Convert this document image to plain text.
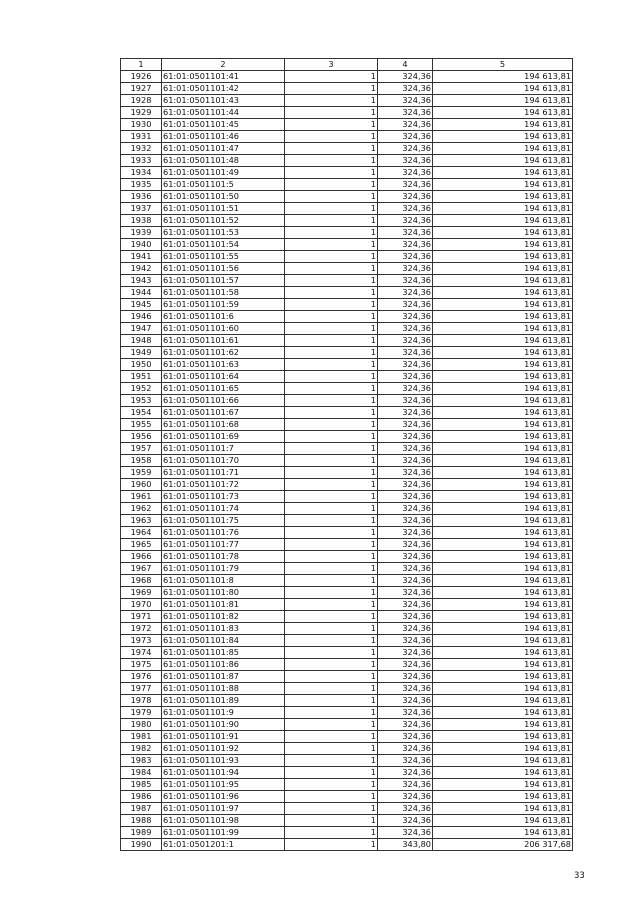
1	2	3	4	5
1926	61:01:0501101:41	1	324,36	194 613,81
1927	61:01:0501101:42	1	324,36	194 613,81
1928	61:01:0501101:43	1	324,36	194 613,81
1929	61:01:0501101:44	1	324,36	194 613,81
1930	61:01:0501101:45	1	324,36	194 613,81
1931	61:01:0501101:46	1	324,36	194 613,81
1932	61:01:0501101:47	1	324,36	194 613,81
1933	61:01:0501101:48	1	324,36	194 613,81
1934	61:01:0501101:49	1	324,36	194 613,81
1935	61:01:0501101:5	1	324,36	194 613,81
1936	61:01:0501101:50	1	324,36	194 613,81
1937	61:01:0501101:51	1	324,36	194 613,81
1938	61:01:0501101:52	1	324,36	194 613,81
1939	61:01:0501101:53	1	324,36	194 613,81
1940	61:01:0501101:54	1	324,36	194 613,81
1941	61:01:0501101:55	1	324,36	194 613,81
1942	61:01:0501101:56	1	324,36	194 613,81
1943	61:01:0501101:57	1	324,36	194 613,81
1944	61:01:0501101:58	1	324,36	194 613,81
1945	61:01:0501101:59	1	324,36	194 613,81
1946	61:01:0501101:6	1	324,36	194 613,81
1947	61:01:0501101:60	1	324,36	194 613,81
1948	61:01:0501101:61	1	324,36	194 613,81
1949	61:01:0501101:62	1	324,36	194 613,81
1950	61:01:0501101:63	1	324,36	194 613,81
1951	61:01:0501101:64	1	324,36	194 613,81
1952	61:01:0501101:65	1	324,36	194 613,81
1953	61:01:0501101:66	1	324,36	194 613,81
1954	61:01:0501101:67	1	324,36	194 613,81
1955	61:01:0501101:68	1	324,36	194 613,81
1956	61:01:0501101:69	1	324,36	194 613,81
1957	61:01:0501101:7	1	324,36	194 613,81
1958	61:01:0501101:70	1	324,36	194 613,81
1959	61:01:0501101:71	1	324,36	194 613,81
1960	61:01:0501101:72	1	324,36	194 613,81
1961	61:01:0501101:73	1	324,36	194 613,81
1962	61:01:0501101:74	1	324,36	194 613,81
1963	61:01:0501101:75	1	324,36	194 613,81
1964	61:01:0501101:76	1	324,36	194 613,81
1965	61:01:0501101:77	1	324,36	194 613,81
1966	61:01:0501101:78	1	324,36	194 613,81
1967	61:01:0501101:79	1	324,36	194 613,81
1968	61:01:0501101:8	1	324,36	194 613,81
1969	61:01:0501101:80	1	324,36	194 613,81
1970	61:01:0501101:81	1	324,36	194 613,81
1971	61:01:0501101:82	1	324,36	194 613,81
1972	61:01:0501101:83	1	324,36	194 613,81
1973	61:01:0501101:84	1	324,36	194 613,81
1974	61:01:0501101:85	1	324,36	194 613,81
1975	61:01:0501101:86	1	324,36	194 613,81
1976	61:01:0501101:87	1	324,36	194 613,81
1977	61:01:0501101:88	1	324,36	194 613,81
1978	61:01:0501101:89	1	324,36	194 613,81
1979	61:01:0501101:9	1	324,36	194 613,81
1980	61:01:0501101:90	1	324,36	194 613,81
1981	61:01:0501101:91	1	324,36	194 613,81
1982	61:01:0501101:92	1	324,36	194 613,81
1983	61:01:0501101:93	1	324,36	194 613,81
1984	61:01:0501101:94	1	324,36	194 613,81
1985	61:01:0501101:95	1	324,36	194 613,81
1986	61:01:0501101:96	1	324,36	194 613,81
1987	61:01:0501101:97	1	324,36	194 613,81
1988	61:01:0501101:98	1	324,36	194 613,81
1989	61:01:0501101:99	1	324,36	194 613,81
1990	61:01:0501201:1	1	343,80	206 317,68
33
